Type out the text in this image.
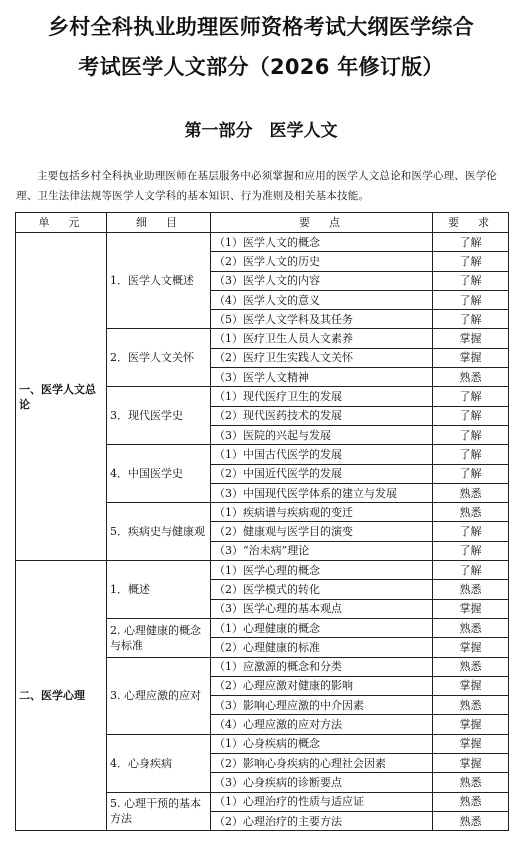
乡村全科执业助理医师资格考试大纲医学综合
考试医学人文部分（2026 年修订版）
第一部分　医学人文
主要包括乡村全科执业助理医师在基层服务中必须掌握和应用的医学人文总论和医学心理、医学伦理、卫生法律法规等医学人文学科的基本知识、行为准则及相关基本技能。
单　元	细　目	要　点	要　求
一、医学人文总论	1．医学人文概述	（1）医学人文的概念	了解
		（2）医学人文的历史	了解
		（3）医学人文的内容	了解
		（4）医学人文的意义	了解
		（5）医学人文学科及其任务	了解
	2．医学人文关怀	（1）医疗卫生人员人文素养	掌握
		（2）医疗卫生实践人文关怀	掌握
		（3）医学人文精神	熟悉
	3．现代医学史	（1）现代医疗卫生的发展	了解
		（2）现代医药技术的发展	了解
		（3）医院的兴起与发展	了解
	4．中国医学史	（1）中国古代医学的发展	了解
		（2）中国近代医学的发展	了解
		（3）中国现代医学体系的建立与发展	熟悉
	5．疾病史与健康观	（1）疾病谱与疾病观的变迁	熟悉
		（2）健康观与医学目的演变	了解
		（3）“治未病”理论	了解
二、医学心理	1．概述	（1）医学心理的概念	了解
		（2）医学模式的转化	熟悉
		（3）医学心理的基本观点	掌握
	2. 心理健康的概念与标准	（1）心理健康的概念	熟悉
		（2）心理健康的标准	掌握
	3. 心理应激的应对	（1）应激源的概念和分类	熟悉
		（2）心理应激对健康的影响	掌握
		（3）影响心理应激的中介因素	熟悉
		（4）心理应激的应对方法	掌握
	4．心身疾病	（1）心身疾病的概念	掌握
		（2）影响心身疾病的心理社会因素	掌握
		（3）心身疾病的诊断要点	熟悉
	5. 心理干预的基本方法	（1）心理治疗的性质与适应证	熟悉
		（2）心理治疗的主要方法	熟悉
